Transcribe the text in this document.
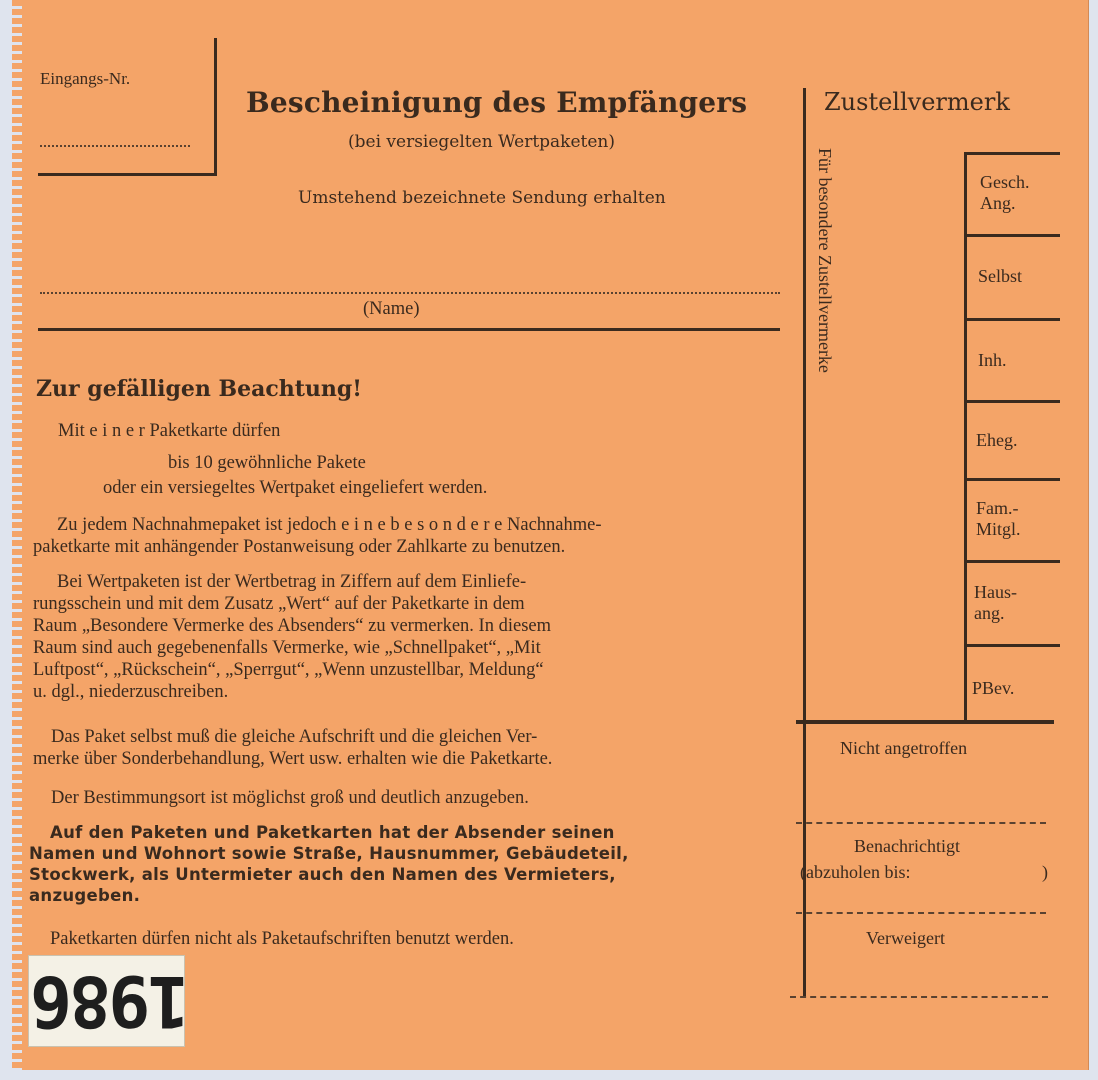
Eingangs-Nr.
Bescheinigung des Empfängers
(bei versiegelten Wertpaketen)
Umstehend bezeichnete Sendung erhalten
(Name)
Zur gefälligen Beachtung!
Mit e i n e r Paketkarte dürfen
bis 10 gewöhnliche Pakete
oder ein versiegeltes Wertpaket eingeliefert werden.
Zu jedem Nachnahmepaket ist jedoch e i n e b e s o n d e r e Nachnahme-
paketkarte mit anhängender Postanweisung oder Zahlkarte zu benutzen.
Bei Wertpaketen ist der Wertbetrag in Ziffern auf dem Einliefe-
rungsschein und mit dem Zusatz „Wert“ auf der Paketkarte in dem
Raum „Besondere Vermerke des Absenders“ zu vermerken. In diesem
Raum sind auch gegebenenfalls Vermerke, wie „Schnellpaket“, „Mit
Luftpost“, „Rückschein“, „Sperrgut“, „Wenn unzustellbar, Meldung“
u. dgl., niederzuschreiben.
Das Paket selbst muß die gleiche Aufschrift und die gleichen Ver-
merke über Sonderbehandlung, Wert usw. erhalten wie die Paketkarte.
Der Bestimmungsort ist möglichst groß und deutlich anzugeben.
Auf den Paketen und Paketkarten hat der Absender seinen
Namen und Wohnort sowie Straße, Hausnummer, Gebäudeteil,
Stockwerk, als Untermieter auch den Namen des Vermieters,
anzugeben.
Paketkarten dürfen nicht als Paketaufschriften benutzt werden.
Zustellvermerk
Für besondere Zustellvermerke	Gesch.
Ang.
Selbst
Inh.
Eheg.
Fam.-
Mitgl.
Haus-
ang.
PBev.
Nicht angetroffen
Benachrichtigt
(abzuholen bis:	)
Verweigert
1986
